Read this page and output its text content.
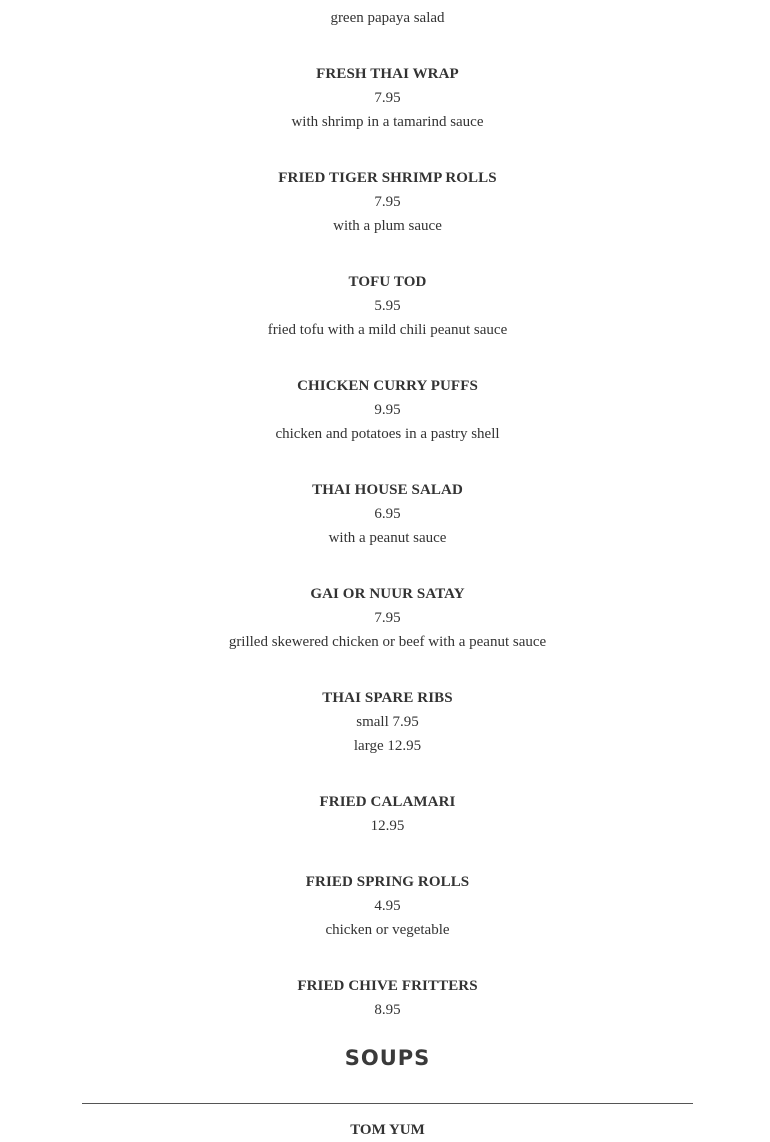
green papaya salad
FRESH THAI WRAP
7.95
with shrimp in a tamarind sauce
FRIED TIGER SHRIMP ROLLS
7.95
with a plum sauce
TOFU TOD
5.95
fried tofu with a mild chili peanut sauce
CHICKEN CURRY PUFFS
9.95
chicken and potatoes in a pastry shell
THAI HOUSE SALAD
6.95
with a peanut sauce
GAI OR NUUR SATAY
7.95
grilled skewered chicken or beef with a peanut sauce
THAI SPARE RIBS
small 7.95
large 12.95
FRIED CALAMARI
12.95
FRIED SPRING ROLLS
4.95
chicken or vegetable
FRIED CHIVE FRITTERS
8.95
SOUPS
TOM YUM
